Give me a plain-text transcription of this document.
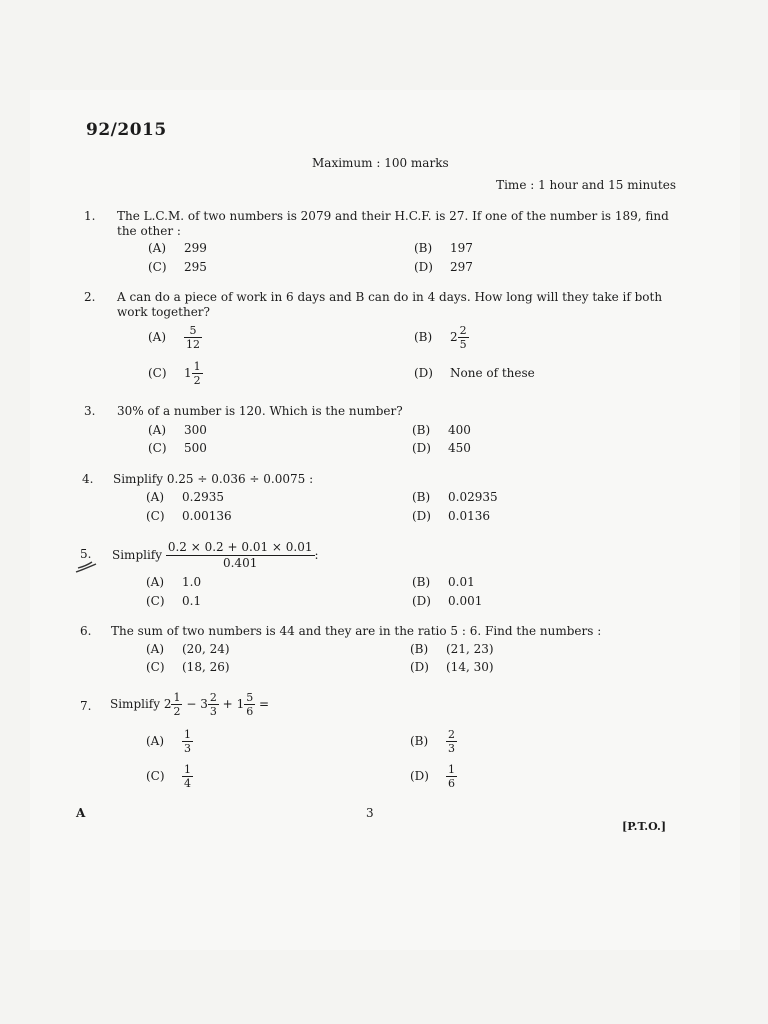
92/2015
Maximum : 100 marks
Time : 1 hour and 15 minutes
1. The L.C.M. of two numbers is 2079 and their H.C.F. is 27. If one of the number is 189, find the other :
(A) 299	(B) 197
(C) 295	(D) 297
2. A can do a piece of work in 6 days and B can do in 4 days. How long will they take if both work together?
$(A) \frac{5}{12}$	(B) $2 \frac{2}{5}$
(C) $1 \frac{1}{2}$	(D) None of these
3. 30% of a number is 120. Which is the number?
(A) 300	(B) 400
(C) 500	(D) 450
4. Simplify 0.25 ÷ 0.036 ÷ 0.0075 :
(A) 0.2935	(B) 0.02935
(C) 0.00136	(D) 0.0136
5. Simplify $\frac{0.2 \times 0.2 + 0.01 \times 0.01}{0.401}$ :
(A) 1.0	(B) 0.01
(C) 0.1	(D) 0.001
6. The sum of two numbers is 44 and they are in the ratio 5 : 6. Find the numbers :
(A) (20, 24)	(B) (21, 23)
(C) (18, 26)	(D) (14, 30)
7. Simplify $2 \frac{1}{2} - 3 \frac{2}{3} + 1 \frac{5}{6}$ =
$(A) \frac{1}{3}$	$(B) \frac{2}{3}$
$(C) \frac{1}{4}$	$(D) \frac{1}{6}$
A	3
[P.T.O.]
